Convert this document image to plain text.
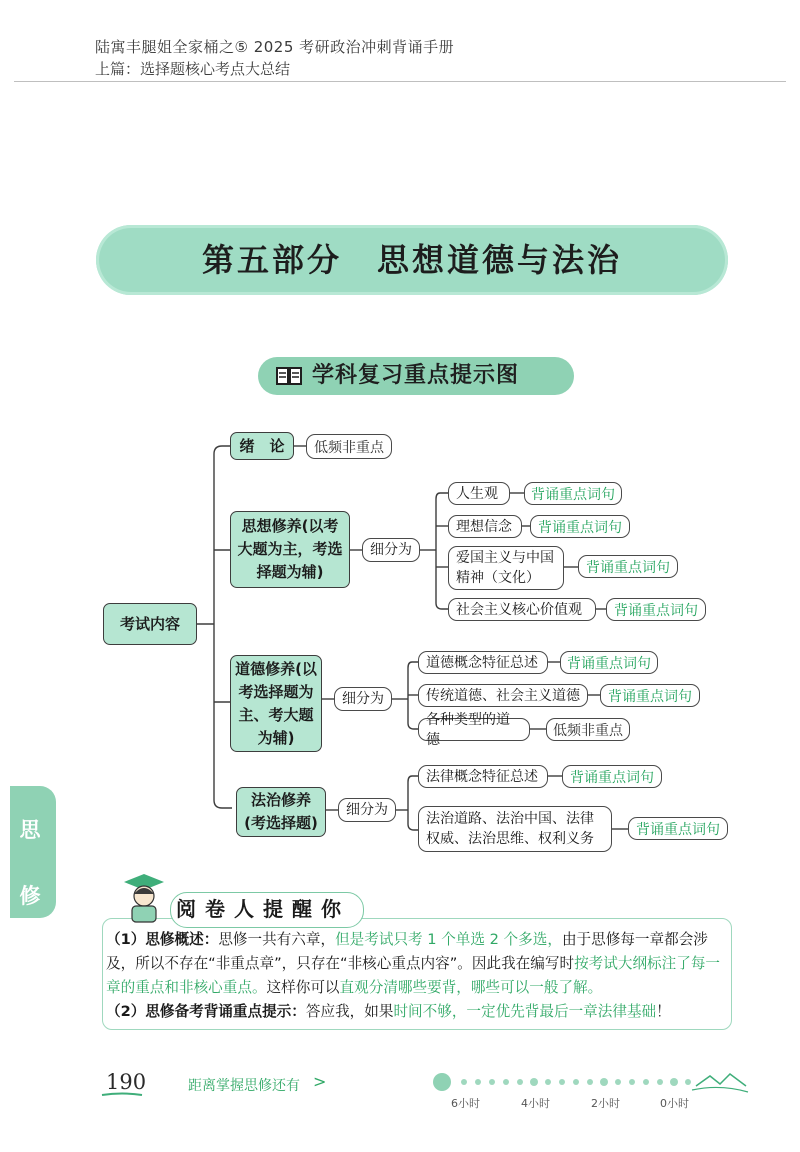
陆寓丰腿姐全家桶之⑤ 2025 考研政治冲刺背诵手册
上篇：选择题核心考点大总结
第五部分　思想道德与法治
学科复习重点提示图
考试内容
绪　论	低频非重点
思想修养(以考大题为主，考选择题为辅)
细分为
人生观	背诵重点词句
理想信念	背诵重点词句
爱国主义与中国精神（文化）
背诵重点词句
社会主义核心价值观	背诵重点词句
道德修养(以考选择题为主、考大题为辅)
细分为
道德概念特征总述	背诵重点词句
传统道德、社会主义道德	背诵重点词句
各种类型的道德
低频非重点
法治修养(考选择题)
细分为
法律概念特征总述	背诵重点词句
法治道路、法治中国、法律权威、法治思维、权利义务
背诵重点词句
思
修
阅卷人提醒你
（1）思修概述：思修一共有六章，但是考试只考 1 个单选 2 个多选，由于思修每一章都会涉及，所以不存在“非重点章”，只存在“非核心重点内容”。因此我在编写时按考试大纲标注了每一章的重点和非核心重点。这样你可以直观分清哪些要背，哪些可以一般了解。
（2）思修备考背诵重点提示：答应我，如果时间不够，一定优先背最后一章法律基础！
190	距离掌握思修还有 >
6小时	4小时	2小时	0小时
